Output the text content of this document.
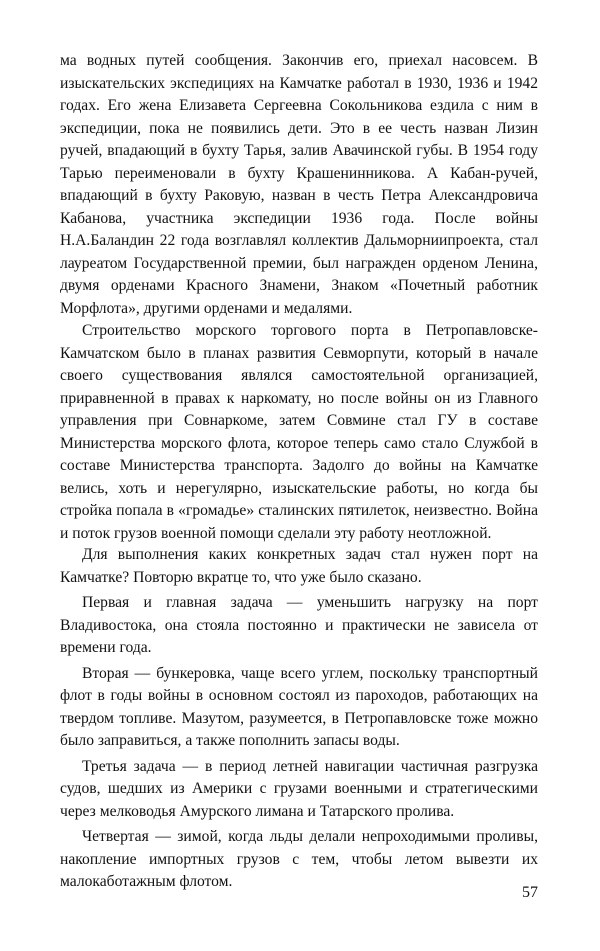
ма водных путей сообщения. Закончив его, приехал насовсем. В изыскательских экспедициях на Камчатке работал в 1930, 1936 и 1942 годах. Его жена Елизавета Сергеевна Сокольникова ездила с ним в экспедиции, пока не появились дети. Это в ее честь назван Лизин ручей, впадающий в бухту Тарья, залив Авачинской губы. В 1954 году Тарью переименовали в бухту Крашенинникова. А Кабан-ручей, впадающий в бухту Раковую, назван в честь Петра Александровича Кабанова, участника экспедиции 1936 года. После войны Н.А.Баландин 22 года возглавлял коллектив Дальморниипроекта, стал лауреатом Государственной премии, был награжден орденом Ленина, двумя орденами Красного Знамени, Знаком «Почетный работник Морфлота», другими орденами и медалями.

Строительство морского торгового порта в Петропавловске-Камчатском было в планах развития Севморпути, который в начале своего существования являлся самостоятельной организацией, приравненной в правах к наркомату, но после войны он из Главного управления при Совнаркоме, затем Совмине стал ГУ в составе Министерства морского флота, которое теперь само стало Службой в составе Министерства транспорта. Задолго до войны на Камчатке велись, хоть и нерегулярно, изыскательские работы, но когда бы стройка попала в «громадье» сталинских пятилеток, неизвестно. Война и поток грузов военной помощи сделали эту работу неотложной.

Для выполнения каких конкретных задач стал нужен порт на Камчатке? Повторю вкратце то, что уже было сказано.

Первая и главная задача — уменьшить нагрузку на порт Владивостока, она стояла постоянно и практически не зависела от времени года.

Вторая — бункеровка, чаще всего углем, поскольку транспортный флот в годы войны в основном состоял из пароходов, работающих на твердом топливе. Мазутом, разумеется, в Петропавловске тоже можно было заправиться, а также пополнить запасы воды.

Третья задача — в период летней навигации частичная разгрузка судов, шедших из Америки с грузами военными и стратегическими через мелководья Амурского лимана и Татарского пролива.

Четвертая — зимой, когда льды делали непроходимыми проливы, накопление импортных грузов с тем, чтобы летом вывезти их малокаботажным флотом.

57
